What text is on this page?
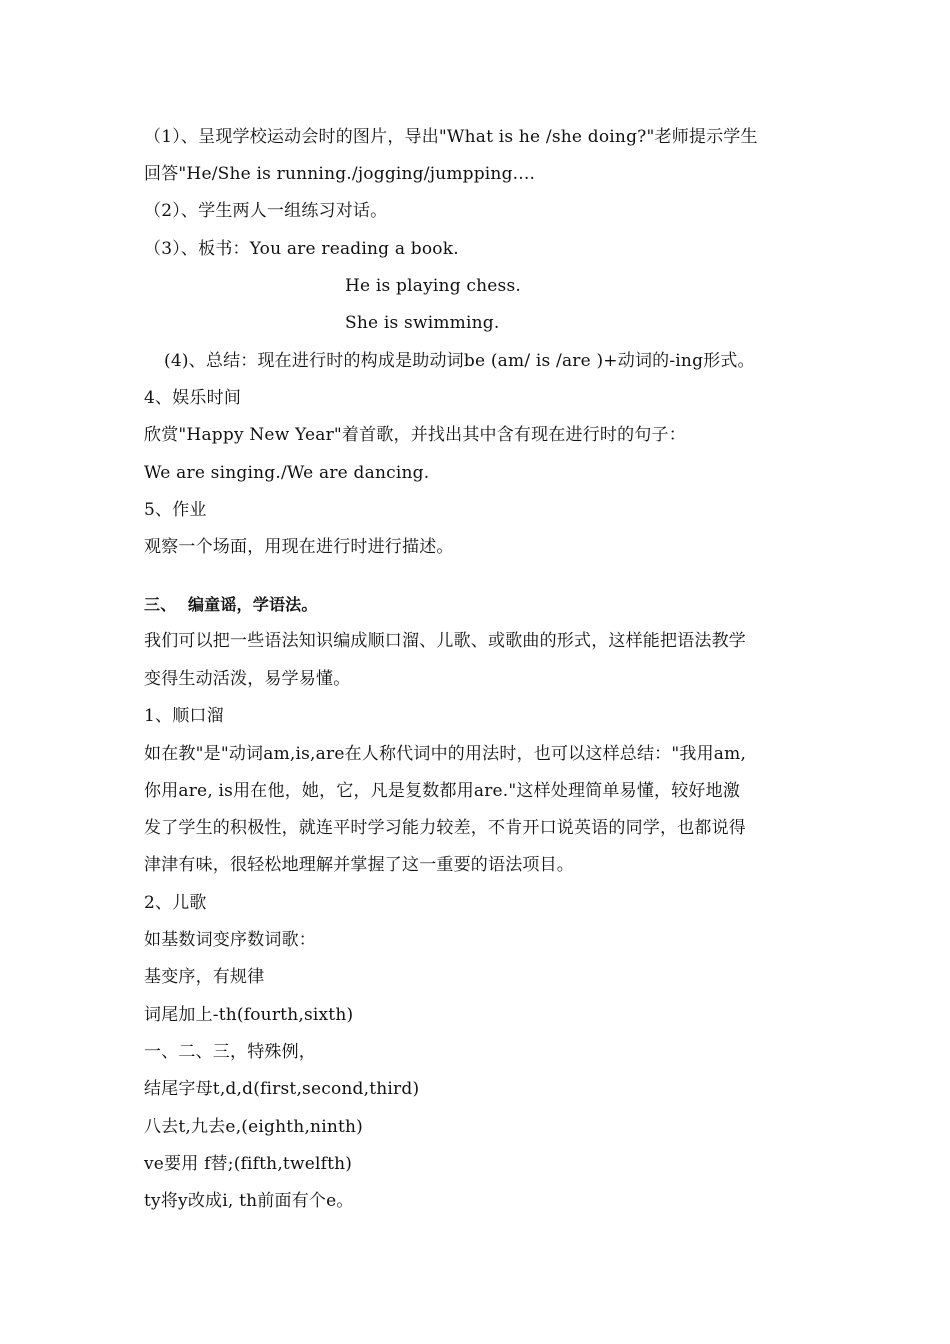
（1）、呈现学校运动会时的图片，导出"What is he /she doing?"老师提示学生
回答"He/She is running./jogging/jumpping....
（2）、学生两人一组练习对话。
（3）、板书：You are reading a book.
He is playing chess.
She is swimming.
(4)、总结：现在进行时的构成是助动词be (am/ is /are )+动词的-ing形式。
4、娱乐时间
欣赏"Happy New Year"着首歌，并找出其中含有现在进行时的句子：
We are singing./We are dancing.
5、作业
观察一个场面，用现在进行时进行描述。
三、  编童谣，学语法。
我们可以把一些语法知识编成顺口溜、儿歌、或歌曲的形式，这样能把语法教学
变得生动活泼，易学易懂。
1、顺口溜
如在教"是"动词am,is,are在人称代词中的用法时，也可以这样总结："我用am,
你用are, is用在他，她，它，凡是复数都用are."这样处理简单易懂，较好地激
发了学生的积极性，就连平时学习能力较差，不肯开口说英语的同学，也都说得
津津有味，很轻松地理解并掌握了这一重要的语法项目。
2、儿歌
如基数词变序数词歌：
基变序，有规律
词尾加上-th(fourth,sixth)
一、二、三，特殊例，
结尾字母t,d,d(first,second,third)
八去t,九去e,(eighth,ninth)
ve要用 f替;(fifth,twelfth)
ty将y改成i, th前面有个e。
